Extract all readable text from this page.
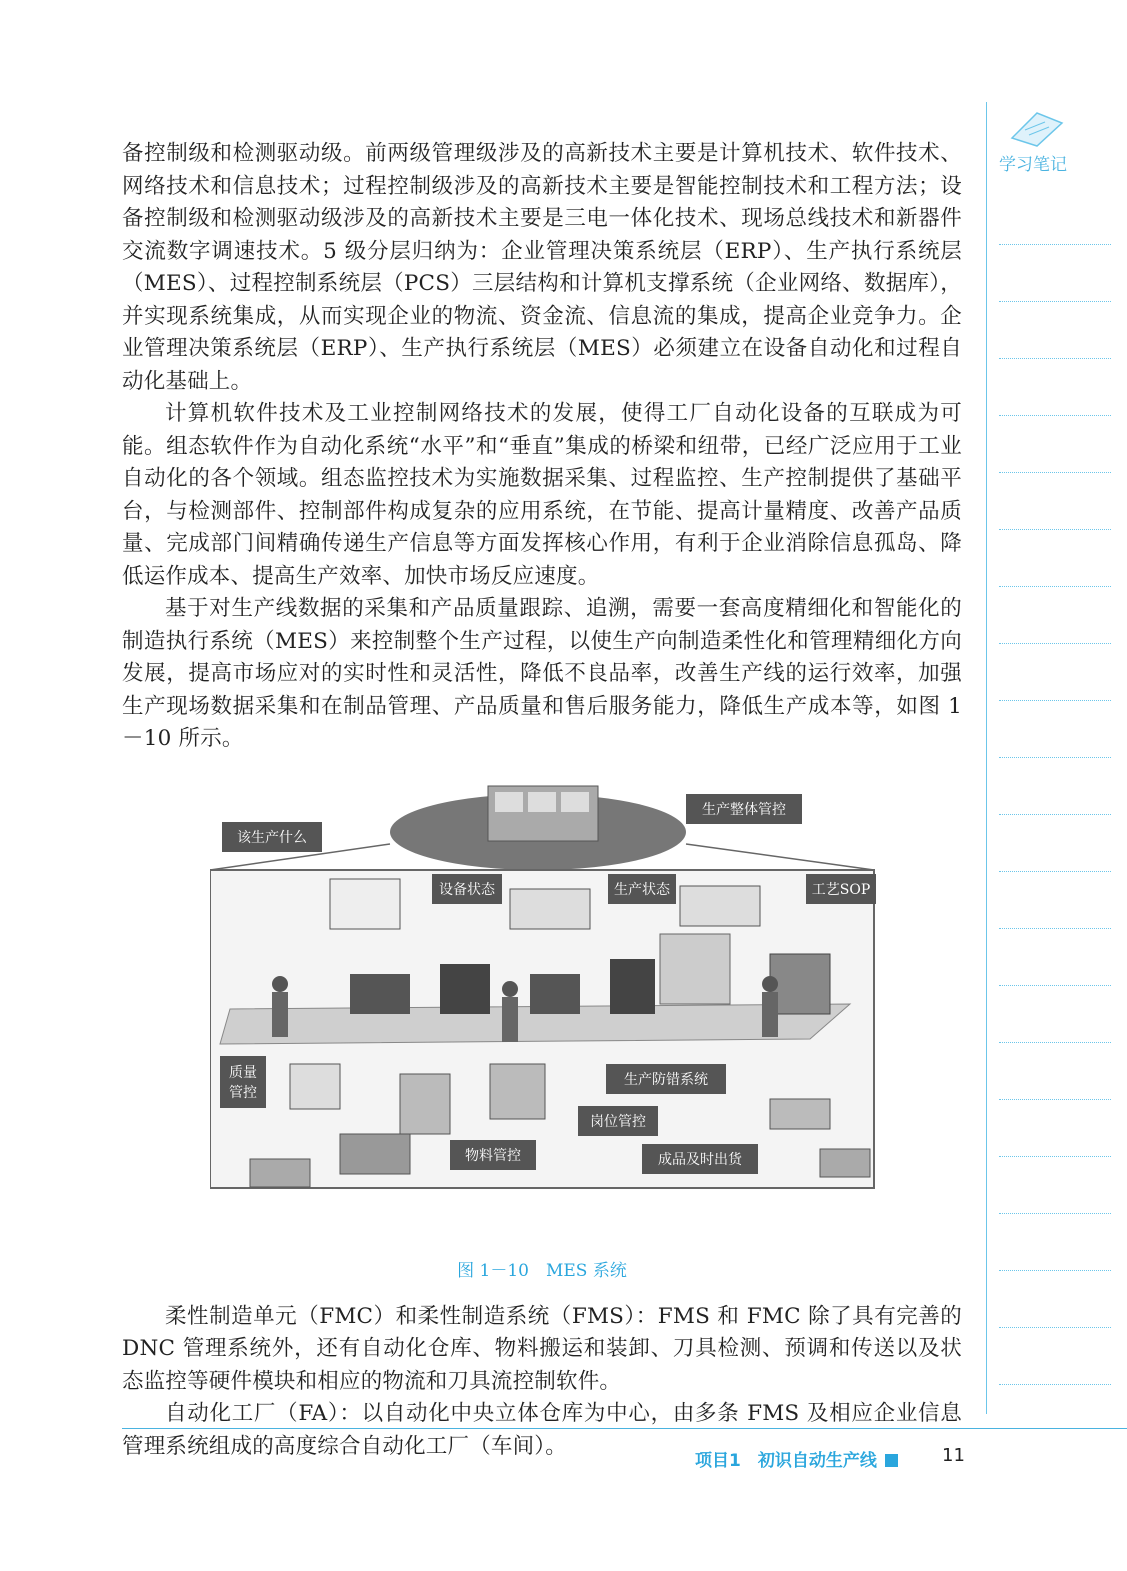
备控制级和检测驱动级。前两级管理级涉及的高新技术主要是计算机技术、软件技术、网络技术和信息技术；过程控制级涉及的高新技术主要是智能控制技术和工程方法；设备控制级和检测驱动级涉及的高新技术主要是三电一体化技术、现场总线技术和新器件交流数字调速技术。5 级分层归纳为：企业管理决策系统层（ERP）、生产执行系统层（MES）、过程控制系统层（PCS）三层结构和计算机支撑系统（企业网络、数据库），并实现系统集成，从而实现企业的物流、资金流、信息流的集成，提高企业竞争力。企业管理决策系统层（ERP）、生产执行系统层（MES）必须建立在设备自动化和过程自动化基础上。

计算机软件技术及工业控制网络技术的发展，使得工厂自动化设备的互联成为可能。组态软件作为自动化系统“水平”和“垂直”集成的桥梁和纽带，已经广泛应用于工业自动化的各个领域。组态监控技术为实施数据采集、过程监控、生产控制提供了基础平台，与检测部件、控制部件构成复杂的应用系统，在节能、提高计量精度、改善产品质量、完成部门间精确传递生产信息等方面发挥核心作用，有利于企业消除信息孤岛、降低运作成本、提高生产效率、加快市场反应速度。

基于对生产线数据的采集和产品质量跟踪、追溯，需要一套高度精细化和智能化的制造执行系统（MES）来控制整个生产过程，以使生产向制造柔性化和管理精细化方向发展，提高市场应对的实时性和灵活性，降低不良品率，改善生产线的运行效率，加强生产现场数据采集和在制品管理、产品质量和售后服务能力，降低生产成本等，如图 1－10 所示。

生产整体管控
该生产什么
设备状态	生产状态	工艺SOP
质量
管控
生产防错系统
岗位管控
物料管控	成品及时出货
图 1－10　MES 系统

柔性制造单元（FMC）和柔性制造系统（FMS）：FMS 和 FMC 除了具有完善的 DNC 管理系统外，还有自动化仓库、物料搬运和装卸、刀具检测、预调和传送以及状态监控等硬件模块和相应的物流和刀具流控制软件。

自动化工厂（FA）：以自动化中央立体仓库为中心，由多条 FMS 及相应企业信息管理系统组成的高度综合自动化工厂（车间）。

学习笔记
项目1　初识自动生产线	11
